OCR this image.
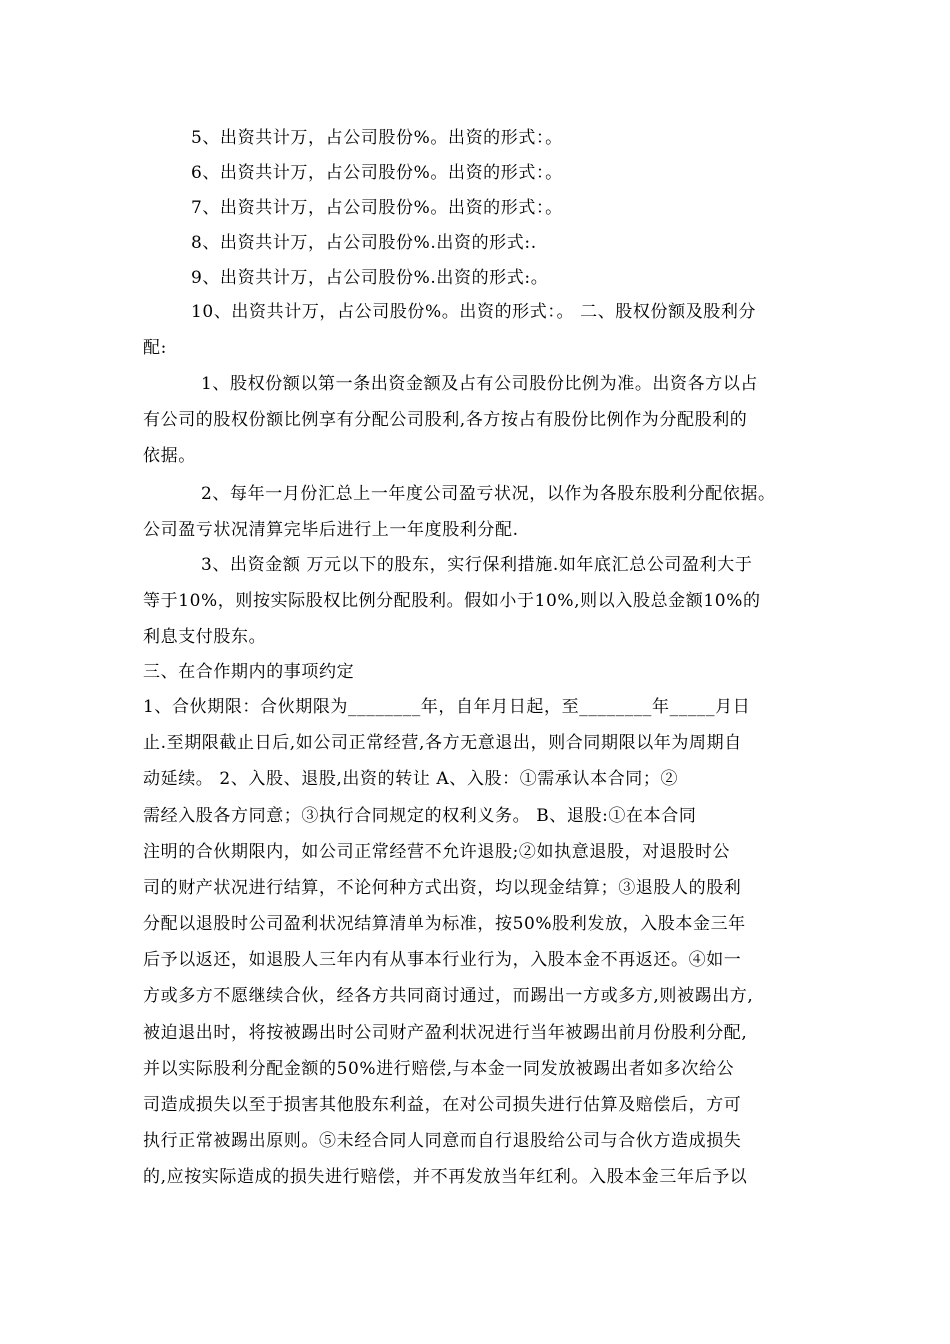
5、出资共计万，占公司股份%。出资的形式：。
6、出资共计万，占公司股份%。出资的形式：。
7、出资共计万，占公司股份%。出资的形式：。
8、出资共计万，占公司股份%.出资的形式:.
9、出资共计万，占公司股份%.出资的形式:。
10、出资共计万，占公司股份%。出资的形式：。 二、股权份额及股利分
配:
1、股权份额以第一条出资金额及占有公司股份比例为准。出资各方以占
有公司的股权份额比例享有分配公司股利,各方按占有股份比例作为分配股利的
依据。
2、每年一月份汇总上一年度公司盈亏状况，以作为各股东股利分配依据。
公司盈亏状况清算完毕后进行上一年度股利分配.
3、出资金额 万元以下的股东，实行保利措施.如年底汇总公司盈利大于
等于10%，则按实际股权比例分配股利。假如小于10%,则以入股总金额10%的
利息支付股东。
三、在合作期内的事项约定
1、合伙期限：合伙期限为________年，自年月日起，至________年_____月日
止.至期限截止日后,如公司正常经营,各方无意退出，则合同期限以年为周期自
动延续。 2、入股、退股,出资的转让 A、入股：①需承认本合同；②
需经入股各方同意；③执行合同规定的权利义务。 B、退股:①在本合同
注明的合伙期限内，如公司正常经营不允许退股;②如执意退股，对退股时公
司的财产状况进行结算，不论何种方式出资，均以现金结算；③退股人的股利
分配以退股时公司盈利状况结算清单为标准，按50%股利发放，入股本金三年
后予以返还，如退股人三年内有从事本行业行为，入股本金不再返还。④如一
方或多方不愿继续合伙，经各方共同商讨通过，而踢出一方或多方,则被踢出方,
被迫退出时，将按被踢出时公司财产盈利状况进行当年被踢出前月份股利分配,
并以实际股利分配金额的50%进行赔偿,与本金一同发放被踢出者如多次给公
司造成损失以至于损害其他股东利益，在对公司损失进行估算及赔偿后，方可
执行正常被踢出原则。⑤未经合同人同意而自行退股给公司与合伙方造成损失
的,应按实际造成的损失进行赔偿，并不再发放当年红利。入股本金三年后予以
